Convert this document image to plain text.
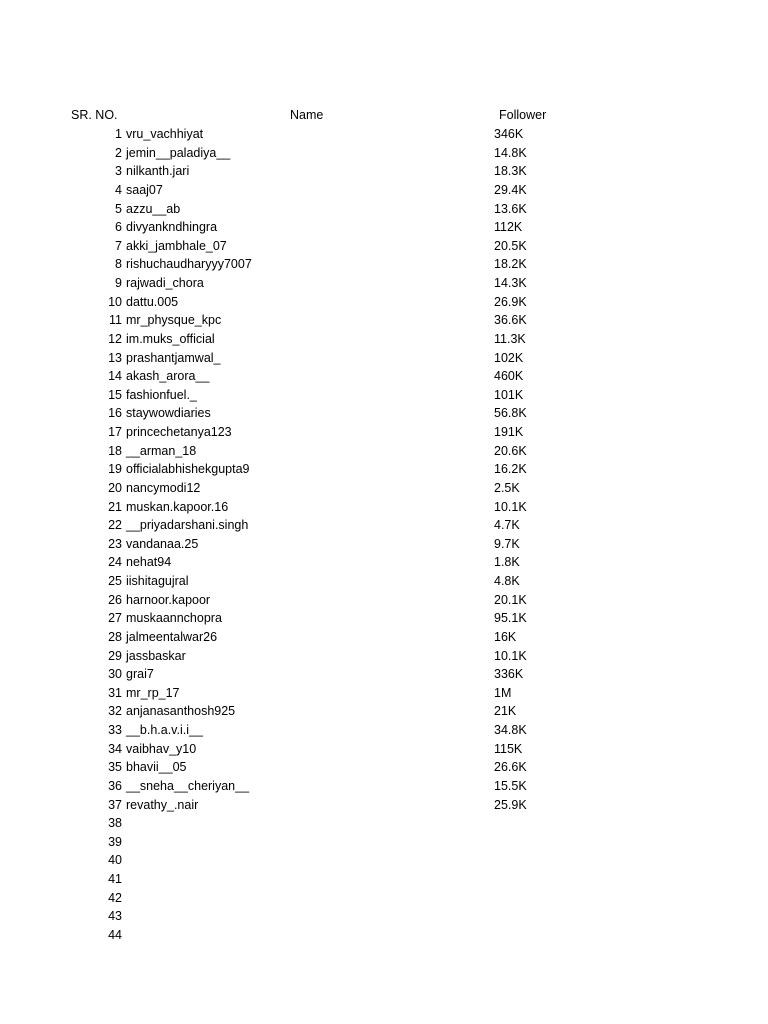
SR. NO.	Name	Follower
1 vru_vachhiyat	346K
2 jemin__paladiya__	14.8K
3 nilkanth.jari	18.3K
4 saaj07	29.4K
5 azzu__ab	13.6K
6 divyankndhingra	112K
7 akki_jambhale_07	20.5K
8 rishuchaudharyyy7007	18.2K
9 rajwadi_chora	14.3K
10 dattu.005	26.9K
11 mr_physque_kpc	36.6K
12 im.muks_official	11.3K
13 prashantjamwal_	102K
14 akash_arora__	460K
15 fashionfuel._	101K
16 staywowdiaries	56.8K
17 princechetanya123	191K
18 __arman_18	20.6K
19 officialabhishekgupta9	16.2K
20 nancymodi12	2.5K
21 muskan.kapoor.16	10.1K
22 __priyadarshani.singh	4.7K
23 vandanaa.25	9.7K
24 nehat94	1.8K
25 iishitagujral	4.8K
26 harnoor.kapoor	20.1K
27 muskaannchopra	95.1K
28 jalmeentalwar26	16K
29 jassbaskar	10.1K
30 grai7	336K
31 mr_rp_17	1M
32 anjanasanthosh925	21K
33 __b.h.a.v.i.i__	34.8K
34 vaibhav_y10	115K
35 bhavii__05	26.6K
36 __sneha__cheriyan__	15.5K
37 revathy_.nair	25.9K
38
39
40
41
42
43
44
